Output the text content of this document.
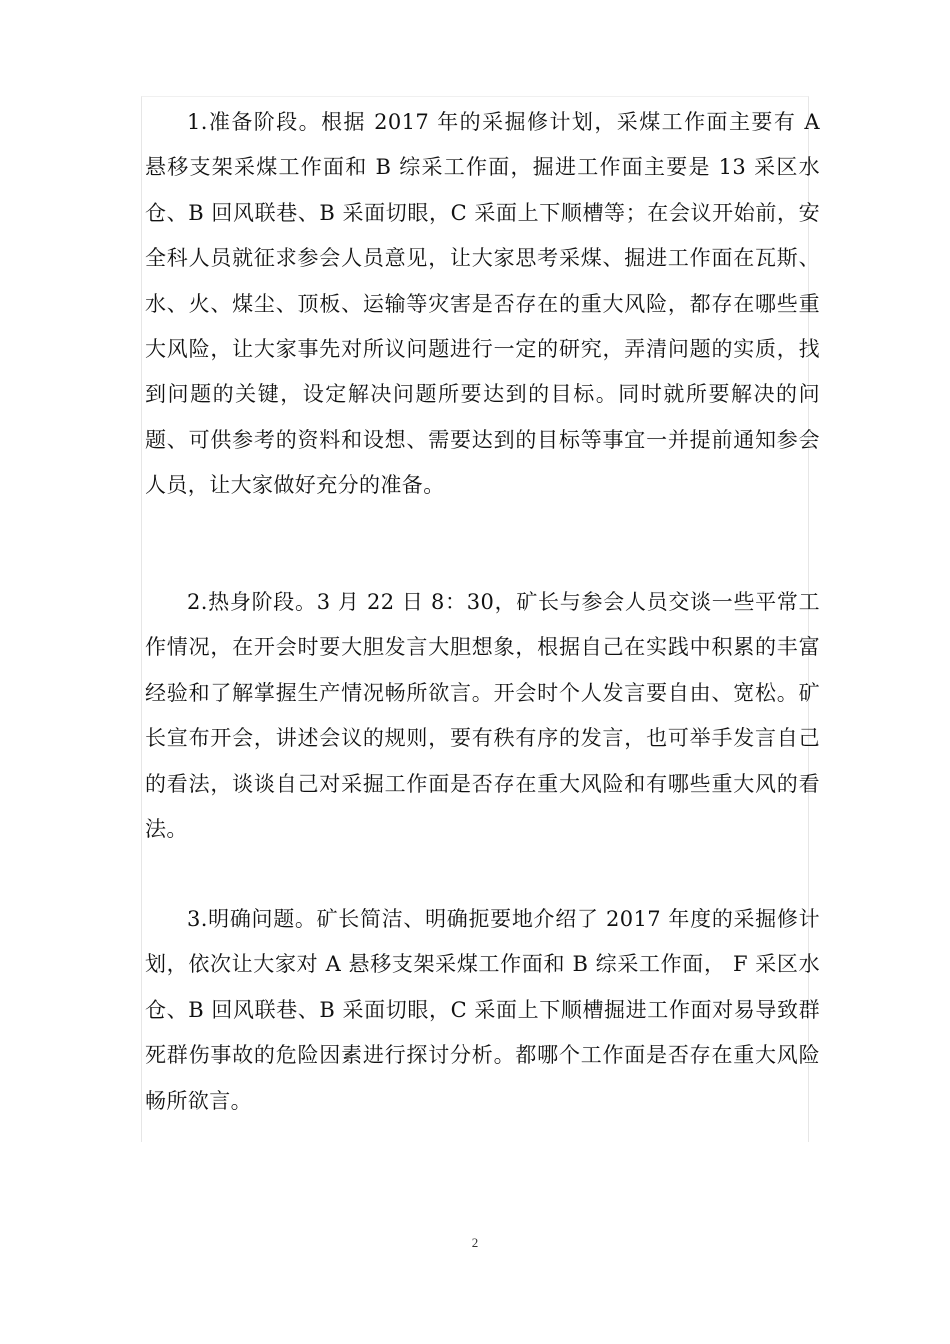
1.准备阶段。根据 2017 年的采掘修计划，采煤工作面主要有 A 悬移支架采煤工作面和 B 综采工作面，掘进工作面主要是 13 采区水仓、B 回风联巷、B 采面切眼，C 采面上下顺槽等；在会议开始前，安全科人员就征求参会人员意见，让大家思考采煤、掘进工作面在瓦斯、水、火、煤尘、顶板、运输等灾害是否存在的重大风险，都存在哪些重大风险，让大家事先对所议问题进行一定的研究，弄清问题的实质，找到问题的关键，设定解决问题所要达到的目标。同时就所要解决的问题、可供参考的资料和设想、需要达到的目标等事宜一并提前通知参会人员，让大家做好充分的准备。

2.热身阶段。3 月 22 日 8：30，矿长与参会人员交谈一些平常工作情况，在开会时要大胆发言大胆想象，根据自己在实践中积累的丰富经验和了解掌握生产情况畅所欲言。开会时个人发言要自由、宽松。矿长宣布开会，讲述会议的规则，要有秩有序的发言，也可举手发言自己的看法，谈谈自己对采掘工作面是否存在重大风险和有哪些重大风的看法。

3.明确问题。矿长简洁、明确扼要地介绍了 2017 年度的采掘修计划，依次让大家对 A 悬移支架采煤工作面和 B 综采工作面， F 采区水仓、B 回风联巷、B 采面切眼，C 采面上下顺槽掘进工作面对易导致群死群伤事故的危险因素进行探讨分析。都哪个工作面是否存在重大风险畅所欲言。

2
